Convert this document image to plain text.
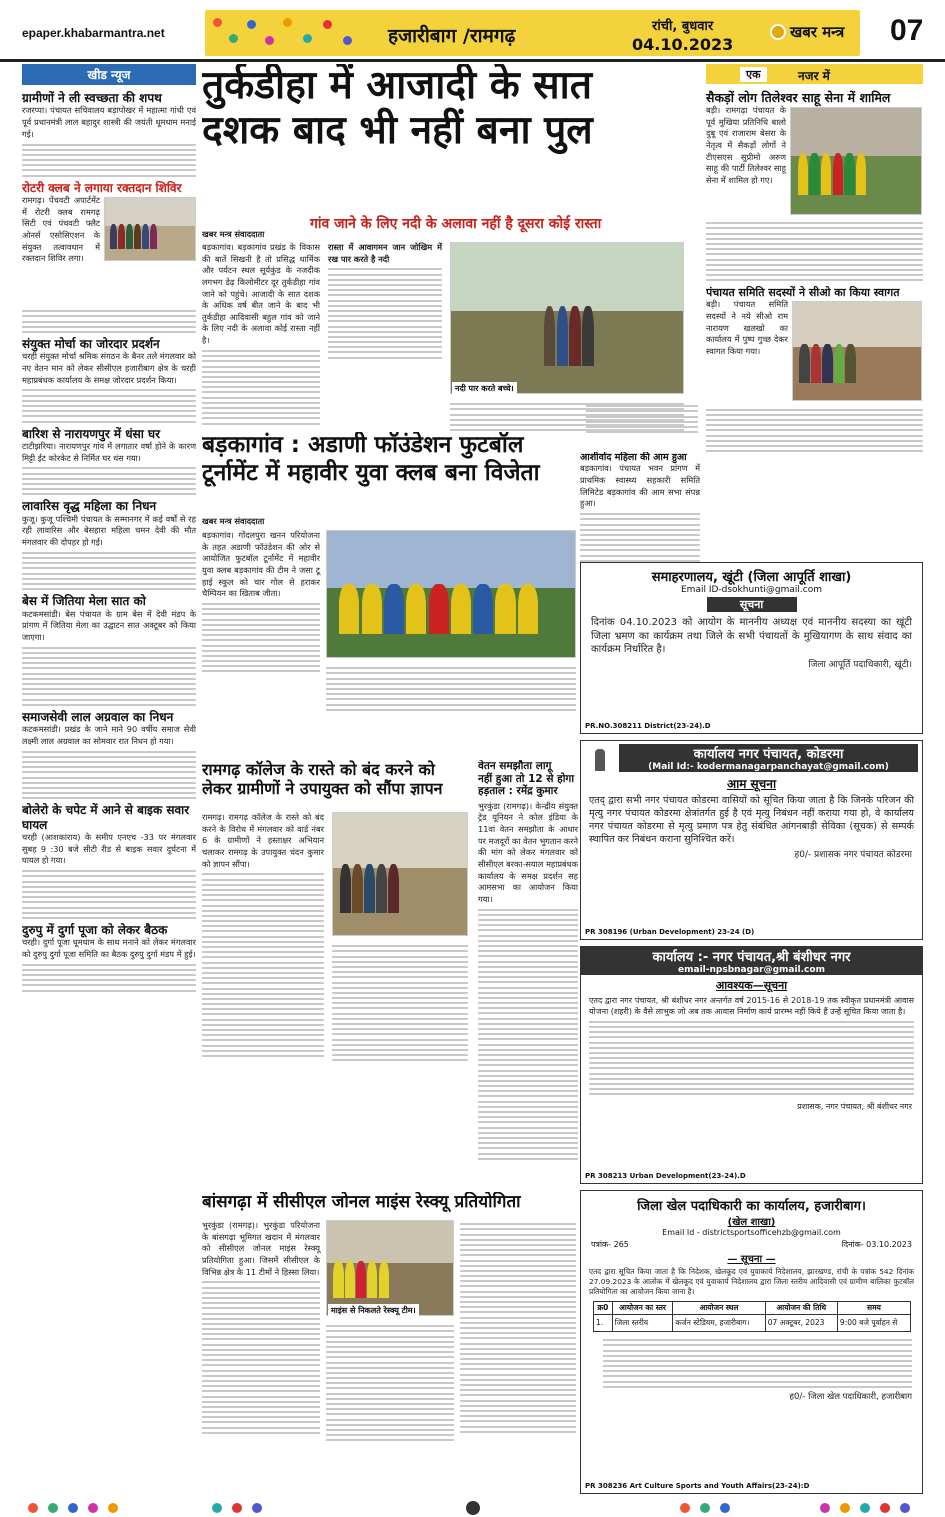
epaper.khabarmantra.net	हजारीबाग /रामगढ़	रांची, बुधवार
04.10.2023
खबर मन्त्र 07
खीड न्यूज
ग्रामीणों ने ली स्वच्छता की शपथ
रजरप्पा। पंचायत सचिवालय बड़ापोखर में महात्मा गांधी एवं पूर्व प्रधानमंत्री लाल बहादुर शास्त्री की जयंती धूमधाम मनाई गई।
रोटरी क्लब ने लगाया रक्तदान शिविर
रामगढ़। पेंचवटी अपार्टमेंट में रोटरी क्लब रामगढ़ सिटी एवं पंचवटी फ्लैट ओनर्स एसोसिएशन के संयुक्त तत्वावधान में रक्तदान शिविर लगा।
संयुक्त मोर्चा का जोरदार प्रदर्शन
चरही संयुक्त मोर्चा श्रमिक संगठन के बैनर तले मंगलवार को नए वेतन मान को लेकर सीसीएल हजारीबाग क्षेत्र के चरही महाप्रबंधक कार्यालय के समक्ष जोरदार प्रदर्शन किया।
बारिश से नारायणपुर में धंसा घर
टाटीझरिया। नारायणपुर गांव में लगातार वर्षा होने के कारण मिट्टी ईट कोरकेट से निर्मित घर धंस गया।
लावारिस वृद्ध महिला का निधन
कुजू। कुजू पश्चिमी पंचायत के सम्मानगर में कई वर्षों से रह रही लावारिस और बेसहारा महिला चमन देवी की मौत मंगलवार की दोपहर हो गई।
बेस में जितिया मेला सात को
कटकमसांडी। बेस पंचायत के ग्राम बेस में देवी मंडप के प्रांगण में जितिया मेला का उद्घाटन सात अक्टूबर को किया जाएगा।
समाजसेवी लाल अग्रवाल का निधन
कटकमसांडी। प्रखंड के जाने माने 90 वर्षीय समाज सेवी लक्ष्मी लाल अग्रवाल का सोमवार रात निधन हो गया।
बोलेरो के चपेट में आने से बाइक सवार घायल
चरही (आशकाराय) के समीप एनएच -33 पर मंगलवार सुबह 9 :30 बजे सीटी रीड से बाइक सवार दुर्घटना में घायल हो गया।
दुरुपु में दुर्गा पूजा को लेकर बैठक
चरही। दुर्गा पूजा धूमधाम के साथ मनाने को लेकर मंगलवार को दुरुपु दुर्गा पूजा समिति का बैठक दुरुपु दुर्गा मंडप में हुई।
तुर्कडीहा में आजादी के सात
दशक बाद भी नहीं बना पुल
गांव जाने के लिए नदी के अलावा नहीं है दूसरा कोई रास्ता
खबर मन्त्र संवाददाता
बड़कागांव। बड़कागांव प्रखंड के विकास की बातें सिखनी है तो प्रसिद्ध धार्मिक और पर्यटन स्थल सूर्यकुंड के नजदीक लगभग डेढ़ किलोमीटर दूर तुर्कडीहा गांव जाने को पहुंचे। आजादी के सात दशक के अधिक वर्ष बीत जाने के बाद भी तुर्कडीहा आदिवासी बहुल गांव को जाने के लिए नदी के अलावा कोई रास्ता नहीं है।
रास्ता में आवागमन जान जोखिम में रख पार करते है नदी
नदी पार करते बच्चे।
बड़कागांव : अडाणी फॉउंडेशन फुटबॉल
टूर्नामेंट में महावीर युवा क्लब बना विजेता
खबर मन्त्र संवाददाता
बड़कागांव। गोंदलपुरा खनन परियोजना के तहत अडाणी फॉउंडेशन की ओर से आयोजित फुटबॉल टूर्नामेंट में महावीर युवा क्लब बड़कागांव की टीम ने जसा टू हाई स्कूल को चार गोल से हराकर चैम्पियन का खिताब जीता।
रामगढ़ कॉलेज के रास्ते को बंद करने को
लेकर ग्रामीणों ने उपायुक्त को सौंपा ज्ञापन
रामगढ़। रामगढ़ कॉलेज के रास्ते को बंद करने के विरोध में मंगलवार को वार्ड नंबर 6 के ग्रामीणों ने हस्ताक्षर अभियान चलाकर रामगढ़ के उपायुक्त चंदन कुमार को ज्ञापन सौंपा।
वेतन समझौता लागू
नहीं हुआ तो 12 से होगा
हड़ताल : रमेंद्र कुमार
भुरकुंडा (रामगढ़)। केन्द्रीय संयुक्त ट्रेड यूनियन ने कोल इंडिया के 11वां वेतन समझौता के आधार पर मजदूरों का वेतन भुगतान करने की मांग को लेकर मंगलवार को सीसीएल बरका-सयाल महाप्रबंधक कार्यालय के समक्ष प्रदर्शन सह आमसभा का आयोजन किया गया।
बांसगढ़ा में सीसीएल जोनल माइंस रेस्क्यू प्रतियोगिता
भुरकुंडा (रामगढ़)। भुरकुंडा परियोजना के बांसगढ़ा भूमिगत खदान में मंगलवार को सीसीएल जोनल माइंस रेस्क्यू प्रतियोगिता हुआ। जिसमें सीसीएल के विभिन्न क्षेत्र के 11 टीमों ने हिस्सा लिया।
माइंस से निकलते रेस्क्यू टीम।
आशीर्वाद महिला की आम हुआ
बड़कागांव। पंचायत भवन प्रांगण में प्राथमिक स्वास्थ्य सहकारी समिति लिमिटेड बड़कागांव की आम सभा संपन्न हुआ।
एक	नजर में
सैकड़ों लोग तिलेश्वर साहू सेना में शामिल
बड़ी। रामगढ़ा पंचायत के पूर्व मुखिया प्रतिनिधि बालो दुबू एवं राजाराम बेसरा के नेतृत्व में सैकड़ों लोगों ने टीएसएस सुप्रीमो अरुण साहू की पार्टी तिलेश्वर साहू सेना में शामिल हो गए।
पंचायत समिति सदस्यों ने सीओ का किया स्वागत
बड़ी। पंचायत समिति सदस्यों ने नये सीओ राम नारायण खलखो का कार्यालय में पुष्प गुच्छ देकर स्वागत किया गया।
समाहरणालय, खूंटी (जिला आपूर्ति शाखा)
Email ID-dsokhunti@gmail.com
सूचना
दिनांक 04.10.2023 को आयोग के माननीय अध्यक्ष एवं माननीय सदस्या का खूंटी जिला भ्रमण का कार्यक्रम तथा जिले के सभी पंचायतों के मुखियागण के साथ संवाद का कार्यक्रम निर्धारित है।
जिला आपूर्ति पदाधिकारी, खूंटी।
PR.NO.308211 District(23-24).D
कार्यालय नगर पंचायत, कोडरमा
(Mail Id:- kodermanagarpanchayat@gmail.com)
आम सूचना
एतद् द्वारा सभी नगर पंचायत कोडरमा वासियों को सूचित किया जाता है कि जिनके परिजन की मृत्यु नगर पंचायत कोडरमा क्षेत्रांतर्गत हुई है एवं मृत्यु निबंधन नहीं कराया गया हो, वे कार्यालय नगर पंचायत कोडरमा से मृत्यु प्रमाण पत्र हेतु संबंधित आंगनबाड़ी सेविका (सूचक) से सम्पर्क स्थापित कर निबंधन कराना सुनिश्चित करें।
ह0/- प्रशासक नगर पंचायत कोडरमा
PR 308196 (Urban Development) 23-24 (D)
कार्यालय :- नगर पंचायत,श्री बंशीधर नगर
email-npsbnagar@gmail.com
आवश्यक—सूचना
एतद द्वारा नगर पंचायत, श्री बंशीधर नगर अन्तर्गत वर्ष 2015-16 से 2018-19 तक स्वीकृत प्रधानमंत्री आवास योजना (शहरी) के वैसे लाभुक जो अब तक आवास निर्माण कार्य प्रारम्भ नहीं किये हैं उन्हें सूचित किया जाता है।
प्रशासक, नगर पंचायत, श्री बंशीधर नगर
PR 308213 Urban Development(23-24).D
जिला खेल पदाधिकारी का कार्यालय, हजारीबाग।
(खेल शाखा)
Email Id - districtsportsofficehzb@gmail.com
पत्रांक- 265	दिनांक- 03.10.2023
— सूचना —
एतद द्वारा सूचित किया जाता है कि निदेशक, खेलकूद एवं युवाकार्य निदेशालय, झारखण्ड, रांची के पत्रांक 542 दिनांक 27.09.2023 के आलोक में खेलकूद एवं युवाकार्य निदेशालय द्वारा जिला स्तरीय आदिवासी एवं ग्रामीण बालिका फुटबॉल प्रतियोगिता का आयोजन किया जाना है।
क्र0	आयोजन का स्तर	आयोजन स्थल	आयोजन की तिथि	समय
1.	जिला स्तरीय	कर्जन स्टेडियम, हजारीबाग।	07 अक्टूबर, 2023	9:00 बजे पूर्वाहन से
ह0/- जिला खेल पदाधिकारी, हजारीबाग
PR 308236 Art Culture Sports and Youth Affairs(23-24):D
